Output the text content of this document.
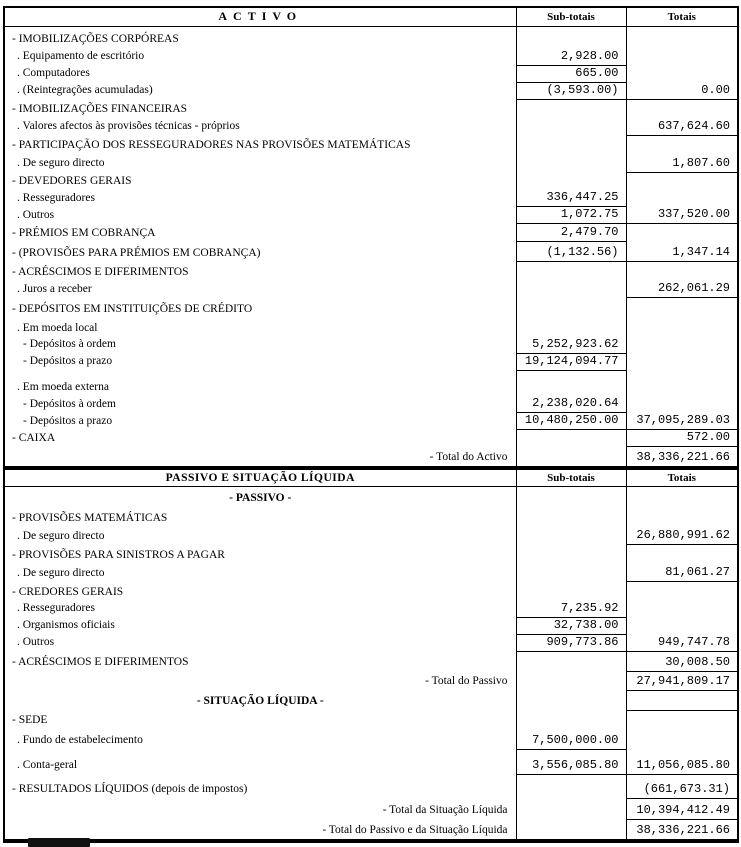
ACTIVO	Sub-totais	Totais
- IMOBILIZAÇÕES CORPÓREAS		
. Equipamento de escritório	2,928.00	
. Computadores	665.00	
. (Reintegrações acumuladas)	(3,593.00)	0.00
- IMOBILIZAÇÕES FINANCEIRAS		
. Valores afectos às provisões técnicas - próprios		637,624.60
- PARTICIPAÇÃO DOS RESSEGURADORES NAS PROVISÕES MATEMÁTICAS		
. De seguro directo		1,807.60
- DEVEDORES GERAIS		
. Resseguradores	336,447.25	
. Outros	1,072.75	337,520.00
- PRÉMIOS EM COBRANÇA	2,479.70	
- (PROVISÕES PARA PRÉMIOS EM COBRANÇA)	(1,132.56)	1,347.14
- ACRÉSCIMOS E DIFERIMENTOS		
. Juros a receber		262,061.29
- DEPÓSITOS EM INSTITUIÇÕES DE CRÉDITO		
. Em moeda local		
- Depósitos à ordem	5,252,923.62	
- Depósitos a prazo	19,124,094.77	
. Em moeda externa		
- Depósitos à ordem	2,238,020.64	
- Depósitos a prazo	10,480,250.00	37,095,289.03
- CAIXA		572.00
- Total do Activo		38,336,221.66
PASSIVO E SITUAÇÃO LÍQUIDA	Sub-totais	Totais
- PASSIVO -		
- PROVISÕES MATEMÁTICAS		
. De seguro directo		26,880,991.62
- PROVISÕES PARA SINISTROS A PAGAR		
. De seguro directo		81,061.27
- CREDORES GERAIS		
. Resseguradores	7,235.92	
. Organismos oficiais	32,738.00	
. Outros	909,773.86	949,747.78
- ACRÉSCIMOS E DIFERIMENTOS		30,008.50
- Total do Passivo		27,941,809.17
- SITUAÇÃO LÍQUIDA -		
- SEDE		
. Fundo de estabelecimento	7,500,000.00	
. Conta-geral	3,556,085.80	11,056,085.80
- RESULTADOS LÍQUIDOS (depois de impostos)		(661,673.31)
- Total da Situação Líquida		10,394,412.49
- Total do Passivo e da Situação Líquida		38,336,221.66
